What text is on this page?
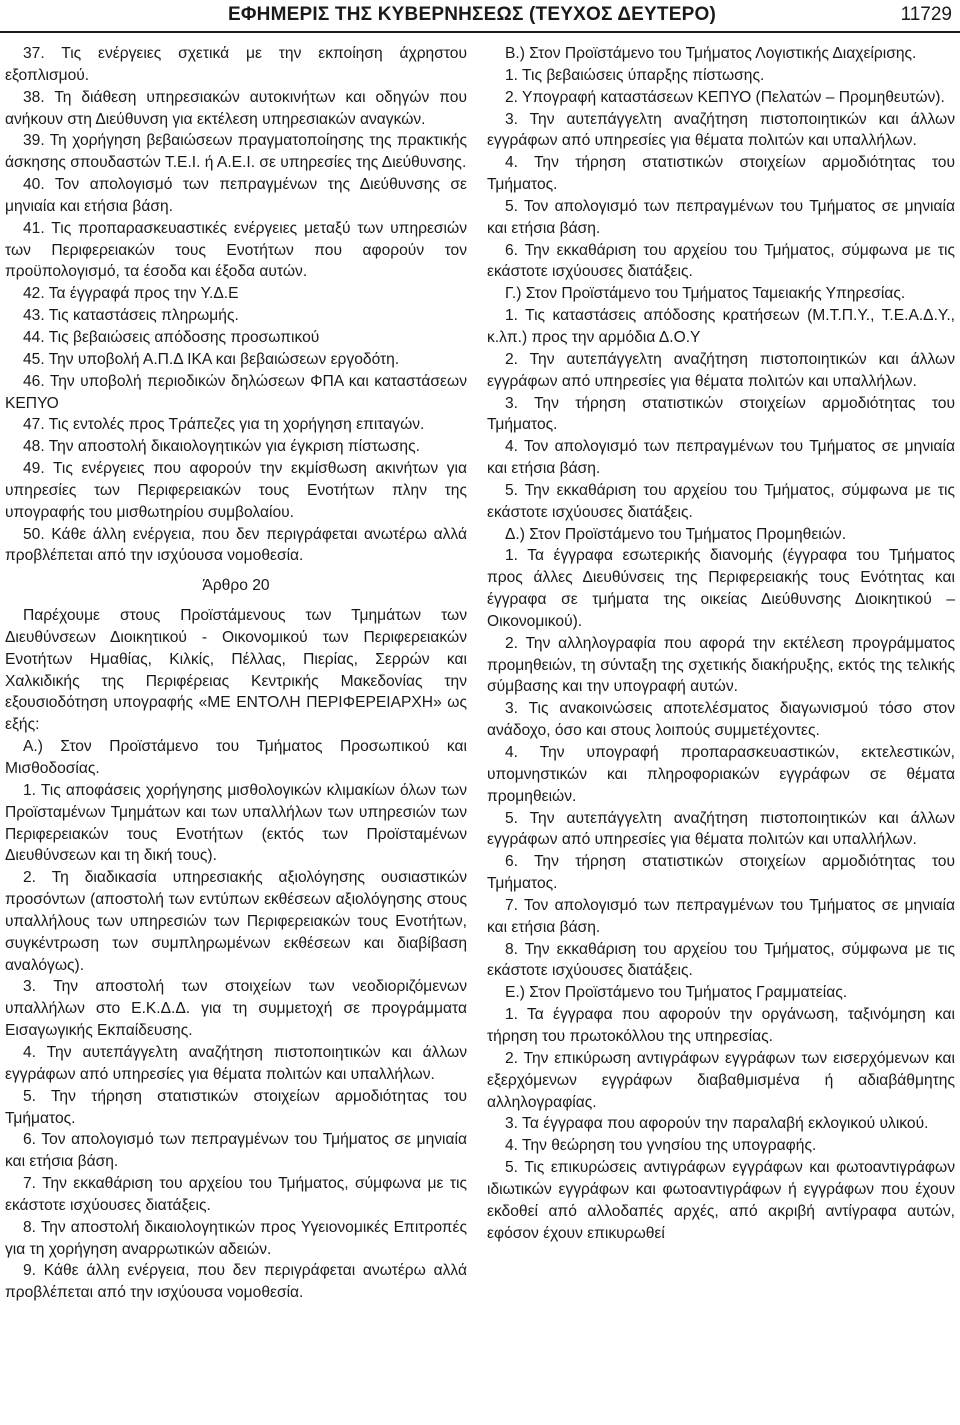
ΕΦΗΜΕΡΙΣ ΤΗΣ ΚΥΒΕΡΝΗΣΕΩΣ (ΤΕΥΧΟΣ ΔΕΥΤΕΡΟ)	11729

37. Τις ενέργειες σχετικά με την εκποίηση άχρηστου εξοπλισμού.

38. Τη διάθεση υπηρεσιακών αυτοκινήτων και οδηγών που ανήκουν στη Διεύθυνση για εκτέλεση υπηρεσιακών αναγκών.

39. Τη χορήγηση βεβαιώσεων πραγματοποίησης της πρακτικής άσκησης σπουδαστών Τ.Ε.Ι. ή Α.Ε.Ι. σε υπηρεσίες της Διεύθυνσης.

40. Τον απολογισμό των πεπραγμένων της Διεύθυνσης σε μηνιαία και ετήσια βάση.

41. Τις προπαρασκευαστικές ενέργειες μεταξύ των υπηρεσιών των Περιφερειακών τους Ενοτήτων που αφορούν τον προϋπολογισμό, τα έσοδα και έξοδα αυτών.

42. Τα έγγραφά προς την Υ.Δ.Ε

43. Τις καταστάσεις πληρωμής.

44. Τις βεβαιώσεις απόδοσης προσωπικού

45. Την υποβολή Α.Π.Δ ΙΚΑ και βεβαιώσεων εργοδότη.

46. Την υποβολή περιοδικών δηλώσεων ΦΠΑ και καταστάσεων ΚΕΠΥΟ

47. Τις εντολές προς Τράπεζες για τη χορήγηση επιταγών.

48. Την αποστολή δικαιολογητικών για έγκριση πίστωσης.

49. Τις ενέργειες που αφορούν την εκμίσθωση ακινήτων για υπηρεσίες των Περιφερειακών τους Ενοτήτων πλην της υπογραφής του μισθωτηρίου συμβολαίου.

50. Κάθε άλλη ενέργεια, που δεν περιγράφεται ανωτέρω αλλά προβλέπεται από την ισχύουσα νομοθεσία.

Άρθρο 20

Παρέχουμε στους Προϊστάμενους των Τμημάτων των Διευθύνσεων Διοικητικού - Οικονομικού των Περιφερειακών Ενοτήτων Ημαθίας, Κιλκίς, Πέλλας, Πιερίας, Σερρών και Χαλκιδικής της Περιφέρειας Κεντρικής Μακεδονίας την εξουσιοδότηση υπογραφής «ΜΕ ΕΝΤΟΛΗ ΠΕΡΙΦΕΡΕΙΑΡΧΗ» ως εξής:

Α.) Στον Προϊστάμενο του Τμήματος Προσωπικού και Μισθοδοσίας.

1. Τις αποφάσεις χορήγησης μισθολογικών κλιμακίων όλων των Προϊσταμένων Τμημάτων και των υπαλλήλων των υπηρεσιών των Περιφερειακών τους Ενοτήτων (εκτός των Προϊσταμένων Διευθύνσεων και τη δική τους).

2. Τη διαδικασία υπηρεσιακής αξιολόγησης ουσιαστικών προσόντων (αποστολή των εντύπων εκθέσεων αξιολόγησης στους υπαλλήλους των υπηρεσιών των Περιφερειακών τους Ενοτήτων, συγκέντρωση των συμπληρωμένων εκθέσεων και διαβίβαση αναλόγως).

3. Την αποστολή των στοιχείων των νεοδιοριζόμενων υπαλλήλων στο Ε.Κ.Δ.Δ. για τη συμμετοχή σε προγράμματα Εισαγωγικής Εκπαίδευσης.

4. Την αυτεπάγγελτη αναζήτηση πιστοποιητικών και άλλων εγγράφων από υπηρεσίες για θέματα πολιτών και υπαλλήλων.

5. Την τήρηση στατιστικών στοιχείων αρμοδιότητας του Τμήματος.

6. Τον απολογισμό των πεπραγμένων του Τμήματος σε μηνιαία και ετήσια βάση.

7. Την εκκαθάριση του αρχείου του Τμήματος, σύμφωνα με τις εκάστοτε ισχύουσες διατάξεις.

8. Την αποστολή δικαιολογητικών προς Υγειονομικές Επιτροπές για τη χορήγηση αναρρωτικών αδειών.

9. Κάθε άλλη ενέργεια, που δεν περιγράφεται ανωτέρω αλλά προβλέπεται από την ισχύουσα νομοθεσία.

Β.) Στον Προϊστάμενο του Τμήματος Λογιστικής Διαχείρισης.

1. Τις βεβαιώσεις ύπαρξης πίστωσης.

2. Υπογραφή καταστάσεων ΚΕΠΥΟ (Πελατών – Προμηθευτών).

3. Την αυτεπάγγελτη αναζήτηση πιστοποιητικών και άλλων εγγράφων από υπηρεσίες για θέματα πολιτών και υπαλλήλων.

4. Την τήρηση στατιστικών στοιχείων αρμοδιότητας του Τμήματος.

5. Τον απολογισμό των πεπραγμένων του Τμήματος σε μηνιαία και ετήσια βάση.

6. Την εκκαθάριση του αρχείου του Τμήματος, σύμφωνα με τις εκάστοτε ισχύουσες διατάξεις.

Γ.) Στον Προϊστάμενο του Τμήματος Ταμειακής Υπηρεσίας.

1. Τις καταστάσεις απόδοσης κρατήσεων (Μ.Τ.Π.Υ., Τ.Ε.Α.Δ.Υ., κ.λπ.) προς την αρμόδια Δ.Ο.Υ

2. Την αυτεπάγγελτη αναζήτηση πιστοποιητικών και άλλων εγγράφων από υπηρεσίες για θέματα πολιτών και υπαλλήλων.

3. Την τήρηση στατιστικών στοιχείων αρμοδιότητας του Τμήματος.

4. Τον απολογισμό των πεπραγμένων του Τμήματος σε μηνιαία και ετήσια βάση.

5. Την εκκαθάριση του αρχείου του Τμήματος, σύμφωνα με τις εκάστοτε ισχύουσες διατάξεις.

Δ.) Στον Προϊστάμενο του Τμήματος Προμηθειών.

1. Τα έγγραφα εσωτερικής διανομής (έγγραφα του Τμήματος προς άλλες Διευθύνσεις της Περιφερειακής τους Ενότητας και έγγραφα σε τμήματα της οικείας Διεύθυνσης Διοικητικού – Οικονομικού).

2. Την αλληλογραφία που αφορά την εκτέλεση προγράμματος προμηθειών, τη σύνταξη της σχετικής διακήρυξης, εκτός της τελικής σύμβασης και την υπογραφή αυτών.

3. Τις ανακοινώσεις αποτελέσματος διαγωνισμού τόσο στον ανάδοχο, όσο και στους λοιπούς συμμετέχοντες.

4. Την υπογραφή προπαρασκευαστικών, εκτελεστικών, υπομνηστικών και πληροφοριακών εγγράφων σε θέματα προμηθειών.

5. Την αυτεπάγγελτη αναζήτηση πιστοποιητικών και άλλων εγγράφων από υπηρεσίες για θέματα πολιτών και υπαλλήλων.

6. Την τήρηση στατιστικών στοιχείων αρμοδιότητας του Τμήματος.

7. Τον απολογισμό των πεπραγμένων του Τμήματος σε μηνιαία και ετήσια βάση.

8. Την εκκαθάριση του αρχείου του Τμήματος, σύμφωνα με τις εκάστοτε ισχύουσες διατάξεις.

Ε.) Στον Προϊστάμενο του Τμήματος Γραμματείας.

1. Τα έγγραφα που αφορούν την οργάνωση, ταξινόμηση και τήρηση του πρωτοκόλλου της υπηρεσίας.

2. Την επικύρωση αντιγράφων εγγράφων των εισερχόμενων και εξερχόμενων εγγράφων διαβαθμισμένα ή αδιαβάθμητης αλληλογραφίας.

3. Τα έγγραφα που αφορούν την παραλαβή εκλογικού υλικού.

4. Την θεώρηση του γνησίου της υπογραφής.

5. Τις επικυρώσεις αντιγράφων εγγράφων και φωτοαντιγράφων ιδιωτικών εγγράφων και φωτοαντιγράφων ή εγγράφων που έχουν εκδοθεί από αλλοδαπές αρχές, από ακριβή αντίγραφα αυτών, εφόσον έχουν επικυρωθεί
